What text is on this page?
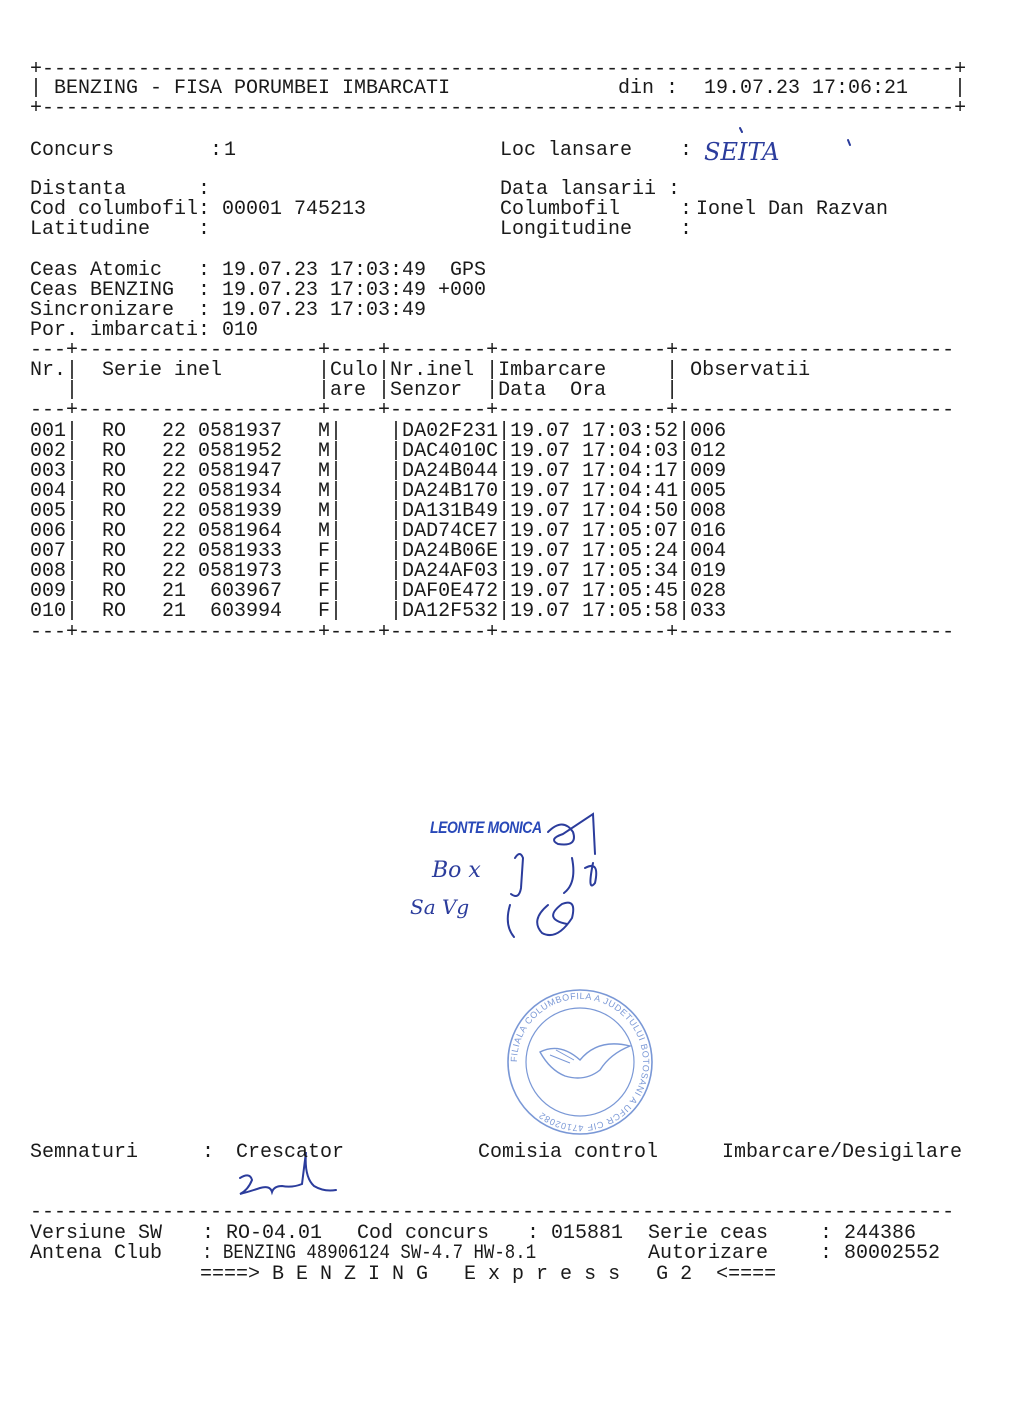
+----------------------------------------------------------------------------+
| BENZING - FISA PORUMBEI IMBARCATI	din : 19.07.23 17:06:21 |
+----------------------------------------------------------------------------+
Concurs        : 1	Loc lansare    : SEITA
Distanta      :	Data lansarii :
Cod columbofil: 00001 745213	Columbofil     : Ionel Dan Razvan
Latitudine    :	Longitudine    :
Ceas Atomic   : 19.07.23 17:03:49  GPS
Ceas BENZING  : 19.07.23 17:03:49 +000
Sincronizare  : 19.07.23 17:03:49
Por. imbarcati: 010
---+--------------------+----+--------+--------------+-----------------------
Nr.|  Serie inel        |Culo|Nr.inel |Imbarcare     | Observatii
|                    |are |Senzor  |Data  Ora     |
---+--------------------+----+--------+--------------+-----------------------
001|  RO   22 0581937   M|    |DA02F231|19.07 17:03:52|006
002|  RO   22 0581952   M|    |DAC4010C|19.07 17:04:03|012
003|  RO   22 0581947   M|    |DA24B044|19.07 17:04:17|009
004|  RO   22 0581934   M|    |DA24B170|19.07 17:04:41|005
005|  RO   22 0581939   M|    |DA131B49|19.07 17:04:50|008
006|  RO   22 0581964   M|    |DAD74CE7|19.07 17:05:07|016
007|  RO   22 0581933   F|    |DA24B06E|19.07 17:05:24|004
008|  RO   22 0581973   F|    |DA24AF03|19.07 17:05:34|019
009|  RO   21  603967   F|    |DAF0E472|19.07 17:05:45|028
010|  RO   21  603994   F|    |DA12F532|19.07 17:05:58|033
---+--------------------+----+--------+--------------+-----------------------
LEONTE MONICA
Bo x
Sa Vg
FILIALA COLUMBOFILA A JUDETULUI BOTOSANI A UFCR CIF 47102082
Semnaturi	: Crescator	Comisia control	Imbarcare/Desigilare
-----------------------------------------------------------------------------
Versiune SW : RO-04.01 Cod concurs : 015881 Serie ceas	: 244386
Antena Club : BENZING 48906124 SW-4.7 HW-8.1	Autorizare	: 80002552
====> B E N Z I N G   E x p r e s s   G 2  <====
